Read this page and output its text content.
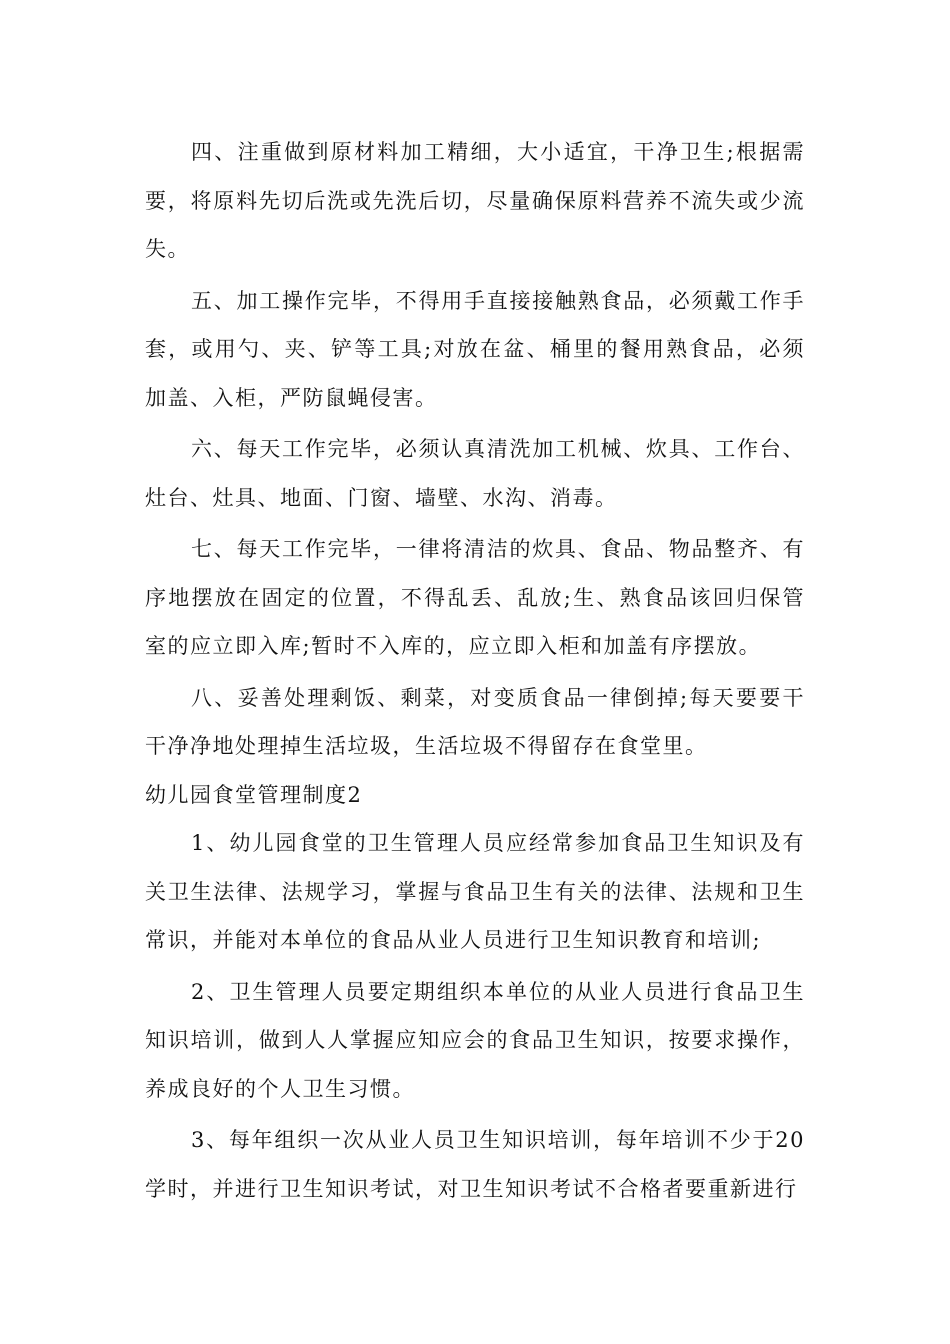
四、注重做到原材料加工精细，大小适宜，干净卫生;根据需要，将原料先切后洗或先洗后切，尽量确保原料营养不流失或少流失。

五、加工操作完毕，不得用手直接接触熟食品，必须戴工作手套，或用勺、夹、铲等工具;对放在盆、桶里的餐用熟食品，必须加盖、入柜，严防鼠蝇侵害。

六、每天工作完毕，必须认真清洗加工机械、炊具、工作台、灶台、灶具、地面、门窗、墙壁、水沟、消毒。

七、每天工作完毕，一律将清洁的炊具、食品、物品整齐、有序地摆放在固定的位置，不得乱丢、乱放;生、熟食品该回归保管室的应立即入库;暂时不入库的，应立即入柜和加盖有序摆放。

八、妥善处理剩饭、剩菜，对变质食品一律倒掉;每天要要干干净净地处理掉生活垃圾，生活垃圾不得留存在食堂里。

幼儿园食堂管理制度2

1、幼儿园食堂的卫生管理人员应经常参加食品卫生知识及有关卫生法律、法规学习，掌握与食品卫生有关的法律、法规和卫生常识，并能对本单位的食品从业人员进行卫生知识教育和培训;

2、卫生管理人员要定期组织本单位的从业人员进行食品卫生知识培训，做到人人掌握应知应会的食品卫生知识，按要求操作，养成良好的个人卫生习惯。

3、每年组织一次从业人员卫生知识培训，每年培训不少于20学时，并进行卫生知识考试，对卫生知识考试不合格者要重新进行
